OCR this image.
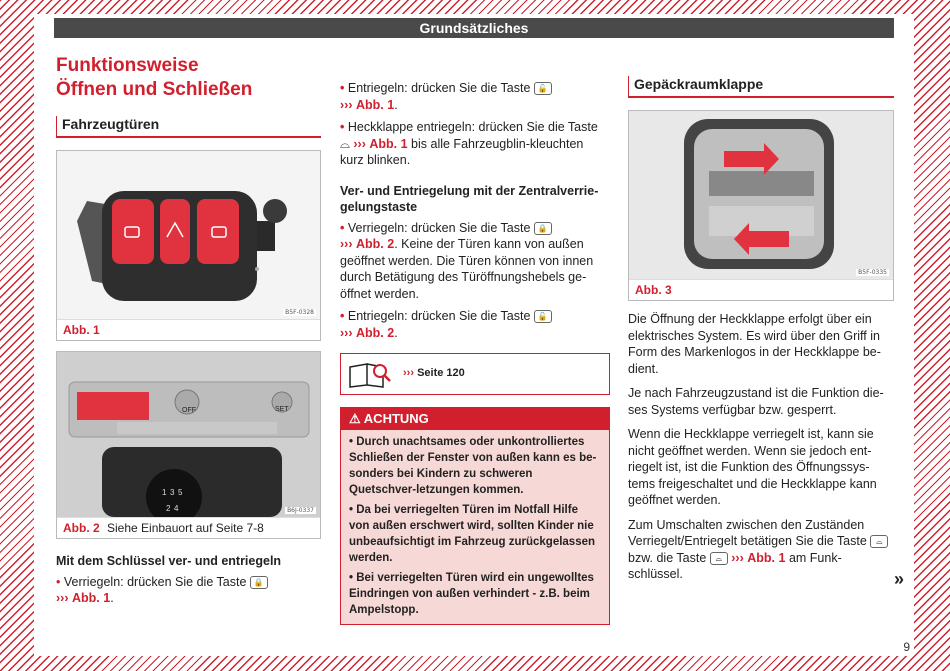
Grundsätzliches
Funktionsweise
Öffnen und Schließen
Fahrzeugtüren
B5F-0328
Abb. 1
OFF	SET
1 3 5
2 4	B6J-0337
Abb. 2 Siehe Einbauort auf Seite 7-8
Mit dem Schlüssel ver- und entriegeln
• Verriegeln: drücken Sie die Taste 🔒
››› Abb. 1.
• Entriegeln: drücken Sie die Taste 🔓
››› Abb. 1.
• Heckklappe entriegeln: drücken Sie die Taste ⌓ ››› Abb. 1 bis alle Fahrzeugblin-kleuchten kurz blinken.
Ver- und Entriegelung mit der Zentralverrie-gelungstaste
• Verriegeln: drücken Sie die Taste 🔒
››› Abb. 2. Keine der Türen kann von außen geöffnet werden. Die Türen können von innen durch Betätigung des Türöffnungshebels ge-öffnet werden.
• Entriegeln: drücken Sie die Taste 🔓
››› Abb. 2.
››› Seite 120
⚠ ACHTUNG
• Durch unachtsames oder unkontrolliertes Schließen der Fenster von außen kann es be-sonders bei Kindern zu schweren Quetschver-letzungen kommen.
• Da bei verriegelten Türen im Notfall Hilfe von außen erschwert wird, sollten Kinder nie unbeaufsichtigt im Fahrzeug zurückgelassen werden.
• Bei verriegelten Türen wird ein ungewolltes Eindringen von außen verhindert - z.B. beim Ampelstopp.
Gepäckraumklappe
B5F-0335
Abb. 3

Die Öffnung der Heckklappe erfolgt über ein elektrisches System. Es wird über den Griff in Form des Markenlogos in der Heckklappe be-dient.

Je nach Fahrzeugzustand ist die Funktion die-ses Systems verfügbar bzw. gesperrt.

Wenn die Heckklappe verriegelt ist, kann sie nicht geöffnet werden. Wenn sie jedoch ent-riegelt ist, ist die Funktion des Öffnungssys-tems freigeschaltet und die Heckklappe kann geöffnet werden.

Zum Umschalten zwischen den Zuständen Verriegelt/Entriegelt betätigen Sie die Taste ⌓ bzw. die Taste ⌓ ››› Abb. 1 am Funk-schlüssel.	»
9
